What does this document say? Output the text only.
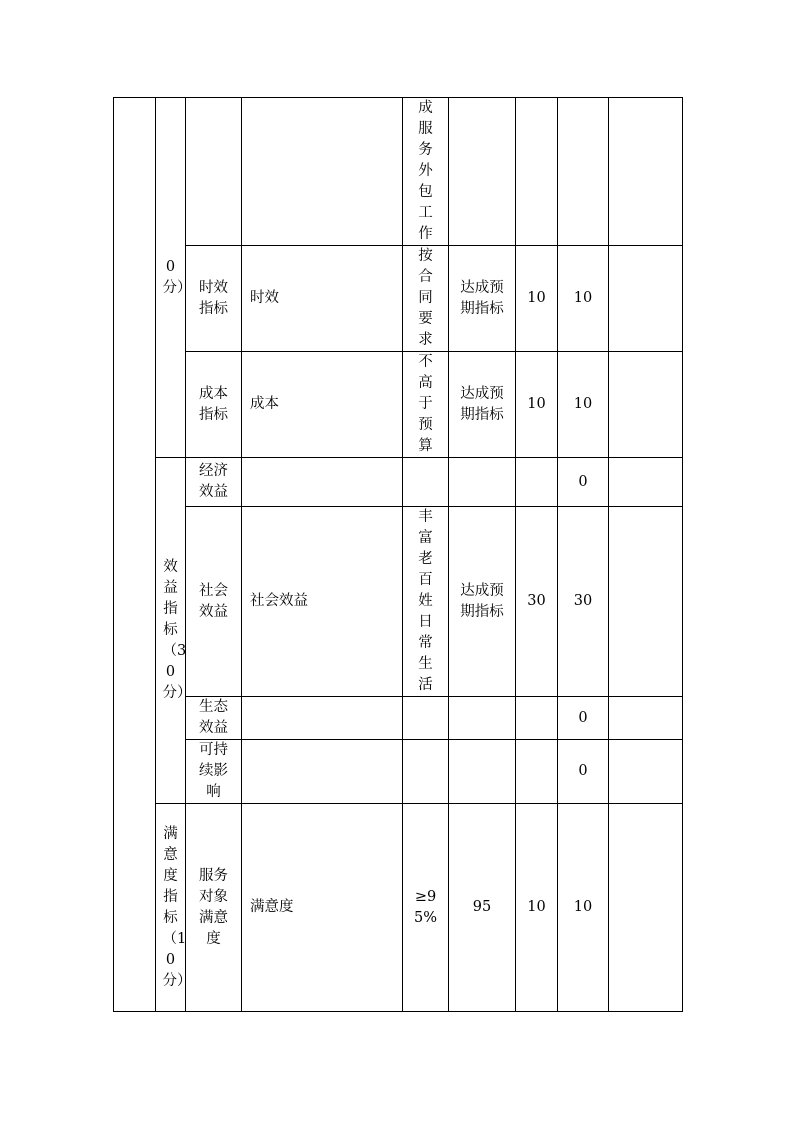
	0分）			成服务外包工作				
		时效指标	时效	按合同要求	达成预期指标	10	10	
		成本指标	成本	不高于预算	达成预期指标	10	10	
	效益指标（30分）	经济效益					0	
		社会效益	社会效益	丰富老百姓日常生活	达成预期指标	30	30	
		生态效益					0	
		可持续影响					0	
	满意度指标（10分）	服务对象满意度	满意度	≥95%	95	10	10	
